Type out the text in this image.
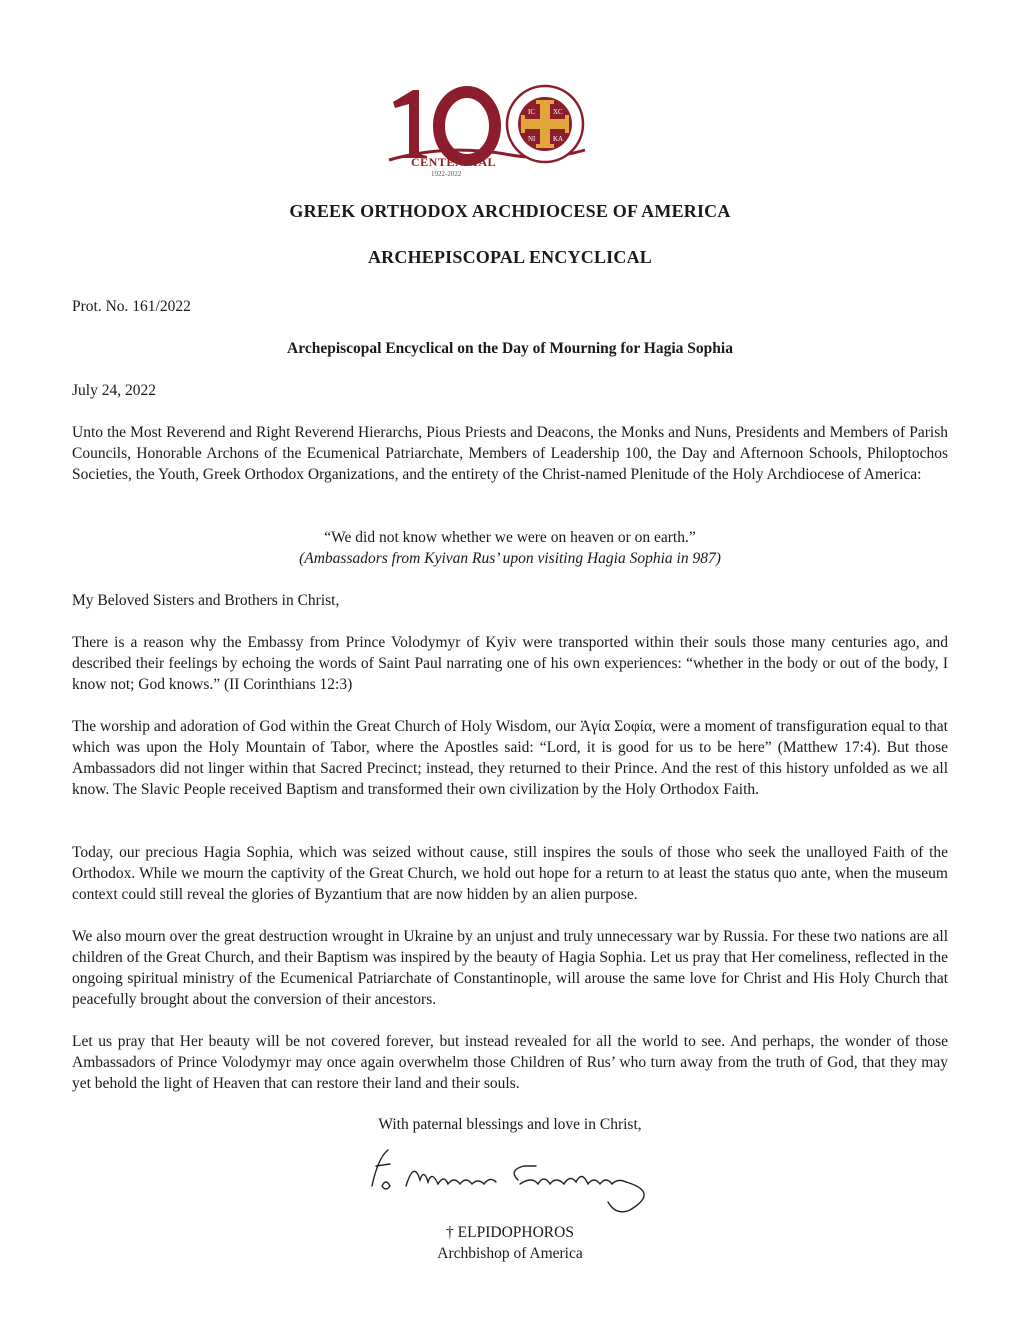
IC	XC
NI	KA
CENTENNIAL
1922-2022
GREEK ORTHODOX ARCHDIOCESE OF AMERICA
ARCHEPISCOPAL ENCYCLICAL

Prot. No. 161/2022

Archepiscopal Encyclical on the Day of Mourning for Hagia Sophia

July 24, 2022

Unto the Most Reverend and Right Reverend Hierarchs, Pious Priests and Deacons, the Monks and Nuns, Presidents and Members of Parish Councils, Honorable Archons of the Ecumenical Patriarchate, Members of Leadership 100, the Day and Afternoon Schools, Philoptochos Societies, the Youth, Greek Orthodox Organizations, and the entirety of the Christ-named Plenitude of the Holy Archdiocese of America:

“We did not know whether we were on heaven or on earth.”
(Ambassadors from Kyivan Rus’ upon visiting Hagia Sophia in 987)

My Beloved Sisters and Brothers in Christ,

There is a reason why the Embassy from Prince Volodymyr of Kyiv were transported within their souls those many centuries ago, and described their feelings by echoing the words of Saint Paul narrating one of his own experiences: “whether in the body or out of the body, I know not; God knows.” (II Corinthians 12:3)

The worship and adoration of God within the Great Church of Holy Wisdom, our Ἁγία Σοφία, were a moment of transfiguration equal to that which was upon the Holy Mountain of Tabor, where the Apostles said: “Lord, it is good for us to be here” (Matthew 17:4). But those Ambassadors did not linger within that Sacred Precinct; instead, they returned to their Prince. And the rest of this history unfolded as we all know. The Slavic People received Baptism and transformed their own civilization by the Holy Orthodox Faith.

Today, our precious Hagia Sophia, which was seized without cause, still inspires the souls of those who seek the unalloyed Faith of the Orthodox. While we mourn the captivity of the Great Church, we hold out hope for a return to at least the status quo ante, when the museum context could still reveal the glories of Byzantium that are now hidden by an alien purpose.

We also mourn over the great destruction wrought in Ukraine by an unjust and truly unnecessary war by Russia. For these two nations are all children of the Great Church, and their Baptism was inspired by the beauty of Hagia Sophia. Let us pray that Her comeliness, reflected in the ongoing spiritual ministry of the Ecumenical Patriarchate of Constantinople, will arouse the same love for Christ and His Holy Church that peacefully brought about the conversion of their ancestors.

Let us pray that Her beauty will be not covered forever, but instead revealed for all the world to see. And perhaps, the wonder of those Ambassadors of Prince Volodymyr may once again overwhelm those Children of Rus’ who turn away from the truth of God, that they may yet behold the light of Heaven that can restore their land and their souls.

With paternal blessings and love in Christ,

† ELPIDOPHOROS
Archbishop of America
